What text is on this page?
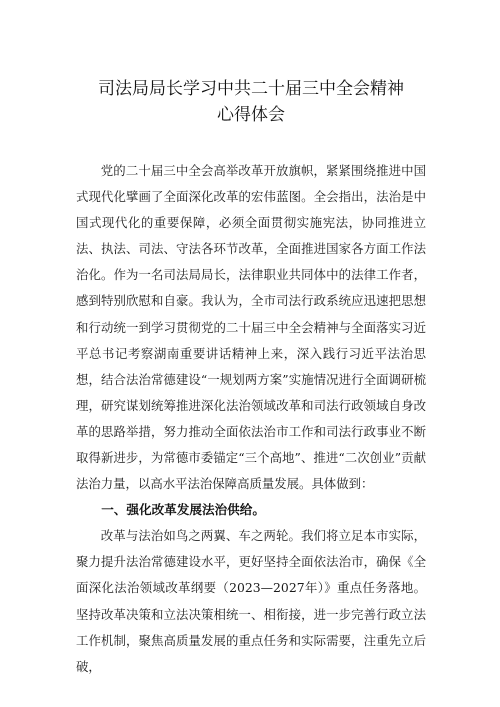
司法局局长学习中共二十届三中全会精神
心得体会

党的二十届三中全会高举改革开放旗帜，紧紧围绕推进中国式现代化擘画了全面深化改革的宏伟蓝图。全会指出，法治是中国式现代化的重要保障，必须全面贯彻实施宪法，协同推进立法、执法、司法、守法各环节改革，全面推进国家各方面工作法治化。作为一名司法局局长，法律职业共同体中的法律工作者，感到特别欣慰和自豪。我认为，全市司法行政系统应迅速把思想和行动统一到学习贯彻党的二十届三中全会精神与全面落实习近平总书记考察湖南重要讲话精神上来，深入践行习近平法治思想，结合法治常德建设“一规划两方案”实施情况进行全面调研梳理，研究谋划统筹推进深化法治领域改革和司法行政领域自身改革的思路举措，努力推动全面依法治市工作和司法行政事业不断取得新进步，为常德市委锚定“三个高地”、推进“二次创业”贡献法治力量，以高水平法治保障高质量发展。具体做到：

一、强化改革发展法治供给。

改革与法治如鸟之两翼、车之两轮。我们将立足本市实际，聚力提升法治常德建设水平，更好坚持全面依法治市，确保《全面深化法治领域改革纲要（2023—2027年）》重点任务落地。坚持改革决策和立法决策相统一、相衔接，进一步完善行政立法工作机制，聚焦高质量发展的重点任务和实际需要，注重先立后破，
